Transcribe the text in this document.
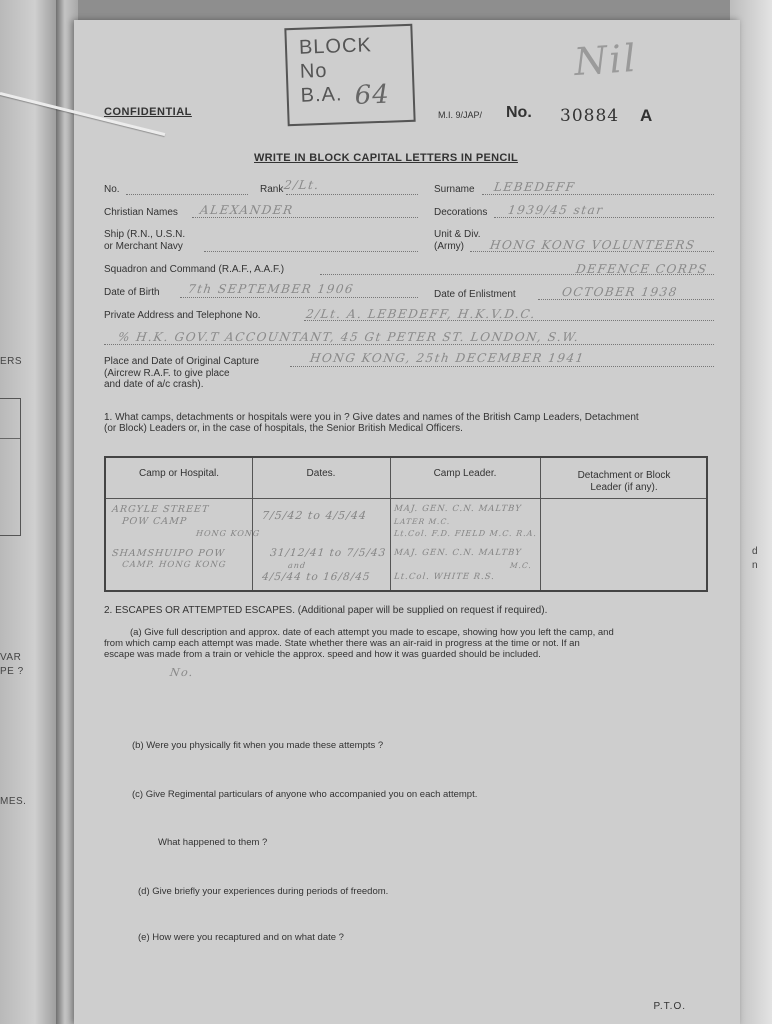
ERS
VAR
PE ?
MES.
d
n
BLOCK
No
B.A. 64
Nil
CONFIDENTIAL	M.I. 9/JAP/ No. 30884 A
WRITE IN BLOCK CAPITAL LETTERS IN PENCIL
No.	Rank 2/Lt.	Surname LEBEDEFF
Christian Names ALEXANDER	Decorations 1939/45 star
Ship (R.N., U.S.N.
or Merchant Navy
Unit & Div.
(Army) HONG KONG VOLUNTEERS
Squadron and Command (R.A.F., A.A.F.)	DEFENCE CORPS
Date of Birth 7th SEPTEMBER 1906	Date of Enlistment	OCTOBER 1938
Private Address and Telephone No.	2/Lt. A. LEBEDEFF, H.K.V.D.C.
% H.K. GOV.T ACCOUNTANT, 45 Gt PETER ST. LONDON, S.W.
Place and Date of Original Capture
(Aircrew R.A.F. to give place
and date of a/c crash).
HONG KONG, 25th DECEMBER 1941
1. What camps, detachments or hospitals were you in ? Give dates and names of the British Camp Leaders, Detachment
(or Block) Leaders or, in the case of hospitals, the Senior British Medical Officers.
Camp or Hospital.	Dates.	Camp Leader.	Detachment or Block
Leader (if any).
ARGYLE STREET
POW CAMP
HONG KONG
7/5/42 to 4/5/44	MAJ. GEN. C.N. MALTBY
LATER M.C.
Lt.Col. F.D. FIELD M.C. R.A.
SHAMSHUIPO POW
CAMP. HONG KONG
31/12/41 to 7/5/43
and
4/5/44 to 16/8/45
MAJ. GEN. C.N. MALTBY
M.C.
Lt.Col. WHITE R.S.
2. ESCAPES OR ATTEMPTED ESCAPES. (Additional paper will be supplied on request if required).
(a) Give full description and approx. date of each attempt you made to escape, showing how you left the camp, and
from which camp each attempt was made. State whether there was an air-raid in progress at the time or not. If an
escape was made from a train or vehicle the approx. speed and how it was guarded should be included.
No.
(b) Were you physically fit when you made these attempts ?
(c) Give Regimental particulars of anyone who accompanied you on each attempt.
What happened to them ?
(d) Give briefly your experiences during periods of freedom.
(e) How were you recaptured and on what date ?
P.T.O.
